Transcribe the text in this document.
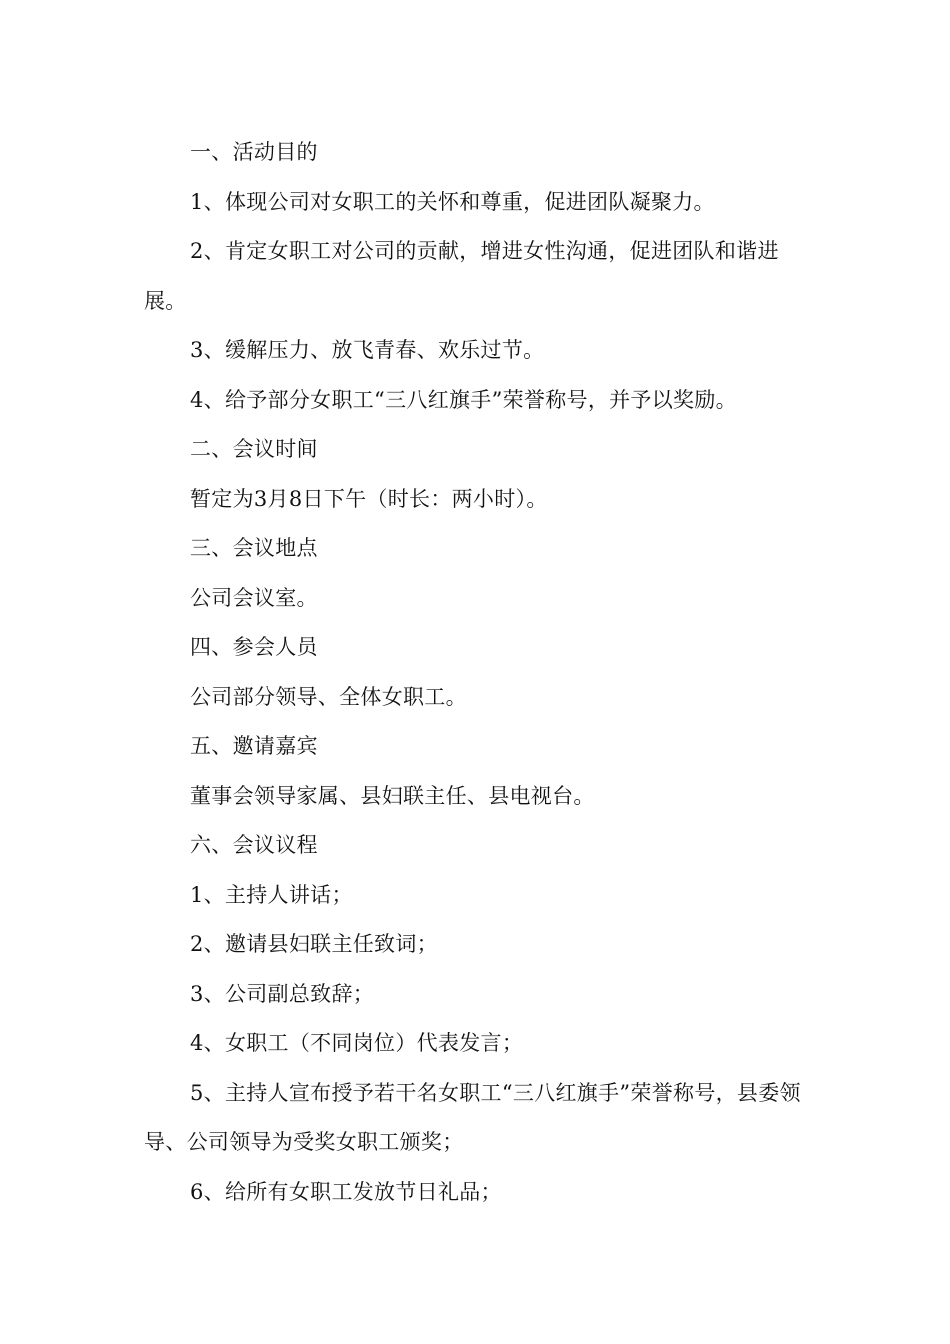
一、活动目的

1、体现公司对女职工的关怀和尊重，促进团队凝聚力。

2、肯定女职工对公司的贡献，增进女性沟通，促进团队和谐进展。

3、缓解压力、放飞青春、欢乐过节。

4、给予部分女职工“三八红旗手”荣誉称号，并予以奖励。

二、会议时间

暂定为3月8日下午（时长：两小时）。

三、会议地点

公司会议室。

四、参会人员

公司部分领导、全体女职工。

五、邀请嘉宾

董事会领导家属、县妇联主任、县电视台。

六、会议议程

1、主持人讲话；

2、邀请县妇联主任致词；

3、公司副总致辞；

4、女职工（不同岗位）代表发言；

5、主持人宣布授予若干名女职工“三八红旗手”荣誉称号，县委领导、公司领导为受奖女职工颁奖；

6、给所有女职工发放节日礼品；
